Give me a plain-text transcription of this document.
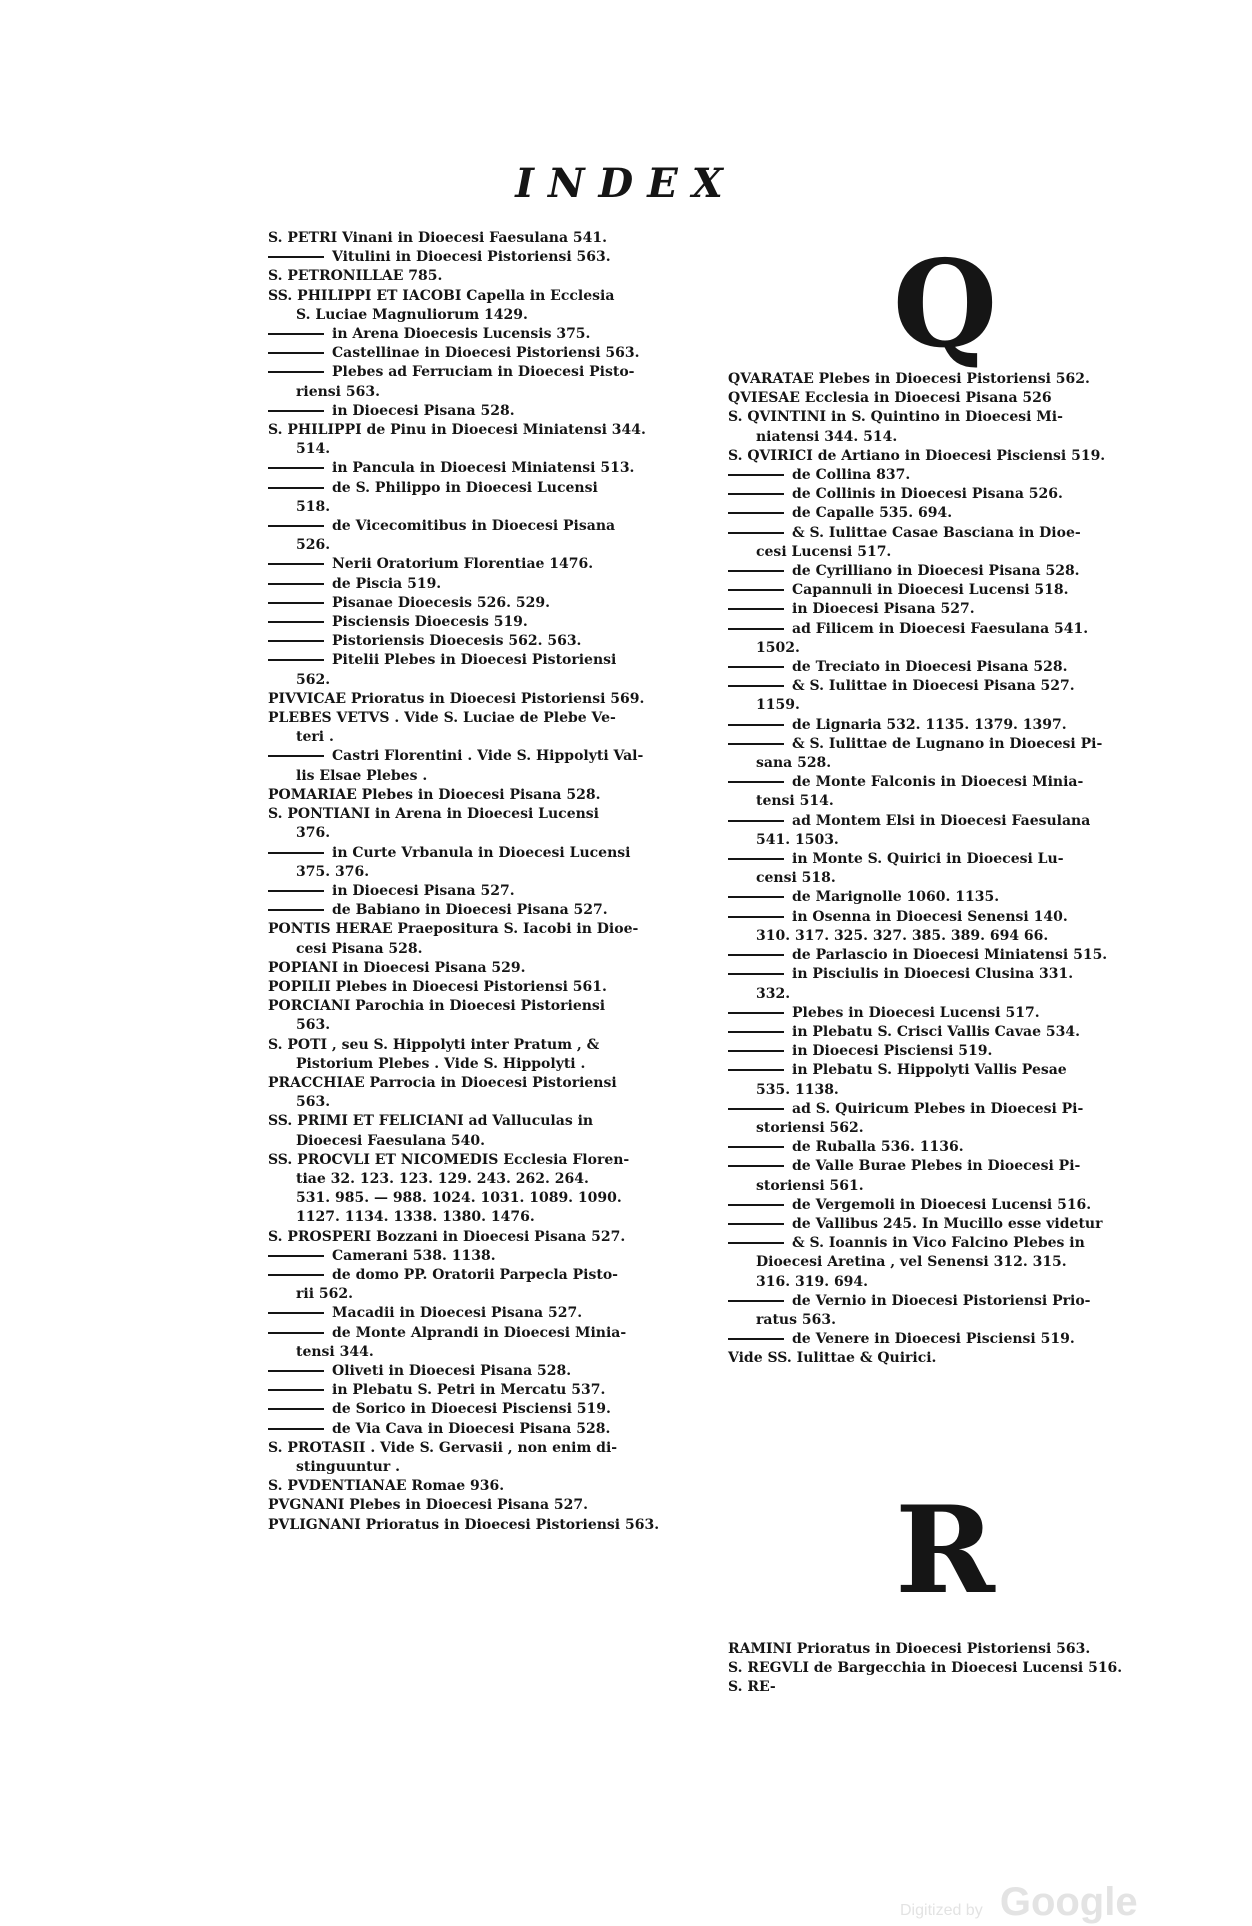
INDEX
S. PETRI Vinani in Dioecesi Faesulana 541.
Vitulini in Dioecesi Pistoriensi 563.
S. PETRONILLAE 785.
SS. PHILIPPI ET IACOBI Capella in Ecclesia
S. Luciae Magnuliorum 1429.
in Arena Dioecesis Lucensis 375.
Castellinae in Dioecesi Pistoriensi 563.
Plebes ad Ferruciam in Dioecesi Pisto-
riensi 563.
in Dioecesi Pisana 528.
S. PHILIPPI de Pinu in Dioecesi Miniatensi 344.
514.
in Pancula in Dioecesi Miniatensi 513.
de S. Philippo in Dioecesi Lucensi
518.
de Vicecomitibus in Dioecesi Pisana
526.
Nerii Oratorium Florentiae 1476.
de Piscia 519.
Pisanae Dioecesis 526. 529.
Pisciensis Dioecesis 519.
Pistoriensis Dioecesis 562. 563.
Pitelii Plebes in Dioecesi Pistoriensi
562.
PIVVICAE Prioratus in Dioecesi Pistoriensi 569.
PLEBES VETVS . Vide S. Luciae de Plebe Ve-
teri .
Castri Florentini . Vide S. Hippolyti Val-
lis Elsae Plebes .
POMARIAE Plebes in Dioecesi Pisana 528.
S. PONTIANI in Arena in Dioecesi Lucensi
376.
in Curte Vrbanula in Dioecesi Lucensi
375. 376.
in Dioecesi Pisana 527.
de Babiano in Dioecesi Pisana 527.
PONTIS HERAE Praepositura S. Iacobi in Dioe-
cesi Pisana 528.
POPIANI in Dioecesi Pisana 529.
POPILII Plebes in Dioecesi Pistoriensi 561.
PORCIANI Parochia in Dioecesi Pistoriensi
563.
S. POTI , seu S. Hippolyti inter Pratum , &
Pistorium Plebes . Vide S. Hippolyti .
PRACCHIAE Parrocia in Dioecesi Pistoriensi
563.
SS. PRIMI ET FELICIANI ad Valluculas in
Dioecesi Faesulana 540.
SS. PROCVLI ET NICOMEDIS Ecclesia Floren-
tiae 32. 123. 123. 129. 243. 262. 264.
531. 985. — 988. 1024. 1031. 1089. 1090.
1127. 1134. 1338. 1380. 1476.
S. PROSPERI Bozzani in Dioecesi Pisana 527.
Camerani 538. 1138.
de domo PP. Oratorii Parpecla Pisto-
rii 562.
Macadii in Dioecesi Pisana 527.
de Monte Alprandi in Dioecesi Minia-
tensi 344.
Oliveti in Dioecesi Pisana 528.
in Plebatu S. Petri in Mercatu 537.
de Sorico in Dioecesi Pisciensi 519.
de Via Cava in Dioecesi Pisana 528.
S. PROTASII . Vide S. Gervasii , non enim di-
stinguuntur .
S. PVDENTIANAE Romae 936.
PVGNANI Plebes in Dioecesi Pisana 527.
PVLIGNANI Prioratus in Dioecesi Pistoriensi 563.
Q
QVARATAE Plebes in Dioecesi Pistoriensi 562.
QVIESAE Ecclesia in Dioecesi Pisana 526
S. QVINTINI in S. Quintino in Dioecesi Mi-
niatensi 344. 514.
S. QVIRICI de Artiano in Dioecesi Pisciensi 519.
de Collina 837.
de Collinis in Dioecesi Pisana 526.
de Capalle 535. 694.
& S. Iulittae Casae Basciana in Dioe-
cesi Lucensi 517.
de Cyrilliano in Dioecesi Pisana 528.
Capannuli in Dioecesi Lucensi 518.
in Dioecesi Pisana 527.
ad Filicem in Dioecesi Faesulana 541.
1502.
de Treciato in Dioecesi Pisana 528.
& S. Iulittae in Dioecesi Pisana 527.
1159.
de Lignaria 532. 1135. 1379. 1397.
& S. Iulittae de Lugnano in Dioecesi Pi-
sana 528.
de Monte Falconis in Dioecesi Minia-
tensi 514.
ad Montem Elsi in Dioecesi Faesulana
541. 1503.
in Monte S. Quirici in Dioecesi Lu-
censi 518.
de Marignolle 1060. 1135.
in Osenna in Dioecesi Senensi 140.
310. 317. 325. 327. 385. 389. 694 66.
de Parlascio in Dioecesi Miniatensi 515.
in Pisciulis in Dioecesi Clusina 331.
332.
Plebes in Dioecesi Lucensi 517.
in Plebatu S. Crisci Vallis Cavae 534.
in Dioecesi Pisciensi 519.
in Plebatu S. Hippolyti Vallis Pesae
535. 1138.
ad S. Quiricum Plebes in Dioecesi Pi-
storiensi 562.
de Ruballa 536. 1136.
de Valle Burae Plebes in Dioecesi Pi-
storiensi 561.
de Vergemoli in Dioecesi Lucensi 516.
de Vallibus 245. In Mucillo esse videtur
& S. Ioannis in Vico Falcino Plebes in
Dioecesi Aretina , vel Senensi 312. 315.
316. 319. 694.
de Vernio in Dioecesi Pistoriensi Prio-
ratus 563.
de Venere in Dioecesi Pisciensi 519.
Vide SS. Iulittae & Quirici.
R
RAMINI Prioratus in Dioecesi Pistoriensi 563.
S. REGVLI de Bargecchia in Dioecesi Lucensi 516.
S. RE-
Digitized by Google
